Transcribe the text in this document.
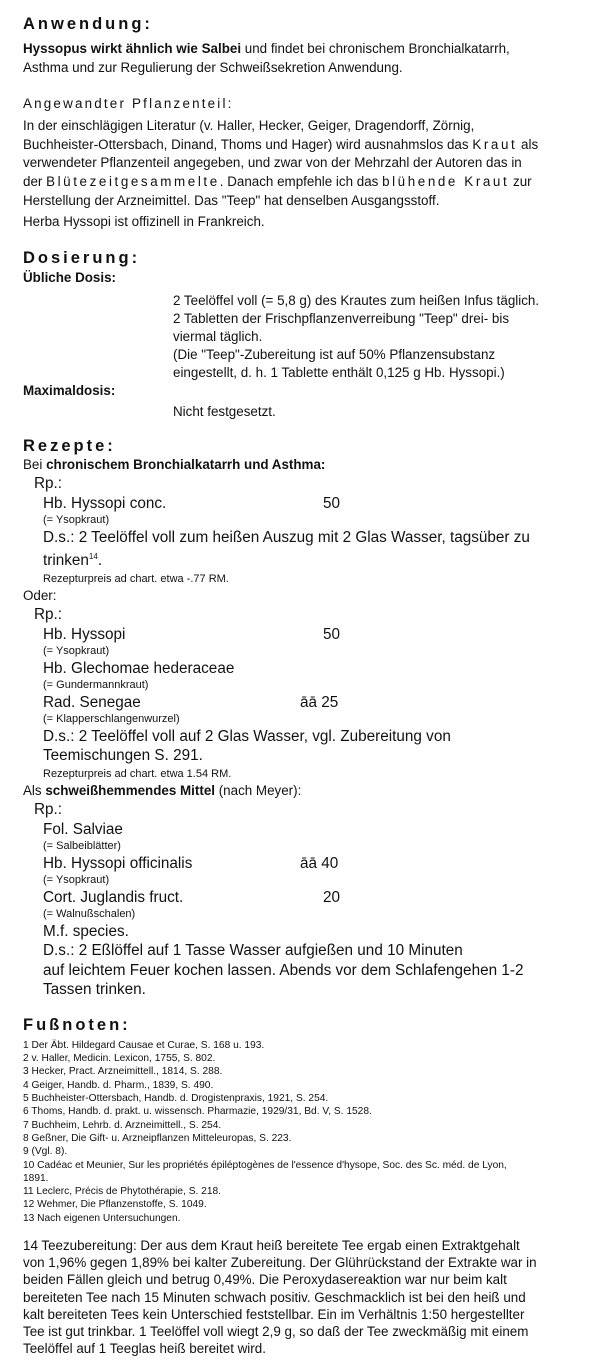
Anwendung:

Hyssopus wirkt ähnlich wie Salbei und findet bei chronischem Bronchialkatarrh,

Asthma und zur Regulierung der Schweißsekretion Anwendung.

Angewandter Pflanzenteil:

In der einschlägigen Literatur (v. Haller, Hecker, Geiger, Dragendorff, Zörnig,

Buchheister-Ottersbach, Dinand, Thoms und Hager) wird ausnahmslos das Kraut als

verwendeter Pflanzenteil angegeben, und zwar von der Mehrzahl der Autoren das in

der Blütezeitgesammelte. Danach empfehle ich das blühende Kraut zur

Herstellung der Arzneimittel. Das "Teep" hat denselben Ausgangsstoff.

Herba Hyssopi ist offizinell in Frankreich.

Dosierung:

Übliche Dosis:

2 Teelöffel voll (= 5,8 g) des Krautes zum heißen Infus täglich.
2 Tabletten der Frischpflanzenverreibung "Teep" drei- bis
viermal täglich.
(Die "Teep"-Zubereitung ist auf 50% Pflanzensubstanz
eingestellt, d. h. 1 Tablette enthält 0,125 g Hb. Hyssopi.)

Maximaldosis:

Nicht festgesetzt.
Rezepte:

Bei chronischem Bronchialkatarrh und Asthma:

Rp.:
Hb. Hyssopi conc.	50
(= Ysopkraut)
D.s.: 2 Teelöffel voll zum heißen Auszug mit 2 Glas Wasser, tagsüber zu
trinken$^{14}$.
Rezepturpreis ad chart. etwa -.77 RM.

Oder:

Rp.:
Hb. Hyssopi	50
(= Ysopkraut)
Hb. Glechomae hederaceae
(= Gundermannkraut)
Rad. Senegae	āā 25
(= Klapperschlangenwurzel)
D.s.: 2 Teelöffel voll auf 2 Glas Wasser, vgl. Zubereitung von
Teemischungen S. 291.
Rezepturpreis ad chart. etwa 1.54 RM.

Als schweißhemmendes Mittel (nach Meyer):

Rp.:
Fol. Salviae
(= Salbeiblätter)
Hb. Hyssopi officinalis	āā 40
(= Ysopkraut)
Cort. Juglandis fruct.	20
(= Walnußschalen)
M.f. species.
D.s.: 2 Eßlöffel auf 1 Tasse Wasser aufgießen und 10 Minuten
auf leichtem Feuer kochen lassen. Abends vor dem Schlafengehen 1-2
Tassen trinken.
Fußnoten:

1 Der Äbt. Hildegard Causae et Curae, S. 168 u. 193.

2 v. Haller, Medicin. Lexicon, 1755, S. 802.

3 Hecker, Pract. Arzneimittell., 1814, S. 288.

4 Geiger, Handb. d. Pharm., 1839, S. 490.

5 Buchheister-Ottersbach, Handb. d. Drogistenpraxis, 1921, S. 254.

6 Thoms, Handb. d. prakt. u. wissensch. Pharmazie, 1929/31, Bd. V, S. 1528.

7 Buchheim, Lehrb. d. Arzneimittell., S. 254.

8 Geßner, Die Gift- u. Arzneipflanzen Mitteleuropas, S. 223.

9 (Vgl. 8).

10 Cadéac et Meunier, Sur les propriétés épiléptogènes de l'essence d'hysope, Soc. des Sc. méd. de Lyon,

1891.

11 Leclerc, Précis de Phytothérapie, S. 218.

12 Wehmer, Die Pflanzenstoffe, S. 1049.

13 Nach eigenen Untersuchungen.

14 Teezubereitung: Der aus dem Kraut heiß bereitete Tee ergab einen Extraktgehalt

von 1,96% gegen 1,89% bei kalter Zubereitung. Der Glührückstand der Extrakte war in

beiden Fällen gleich und betrug 0,49%. Die Peroxydasereaktion war nur beim kalt

bereiteten Tee nach 15 Minuten schwach positiv. Geschmacklich ist bei den heiß und

kalt bereiteten Tees kein Unterschied feststellbar. Ein im Verhältnis 1:50 hergestellter

Tee ist gut trinkbar. 1 Teelöffel voll wiegt 2,9 g, so daß der Tee zweckmäßig mit einem

Teelöffel auf 1 Teeglas heiß bereitet wird.
